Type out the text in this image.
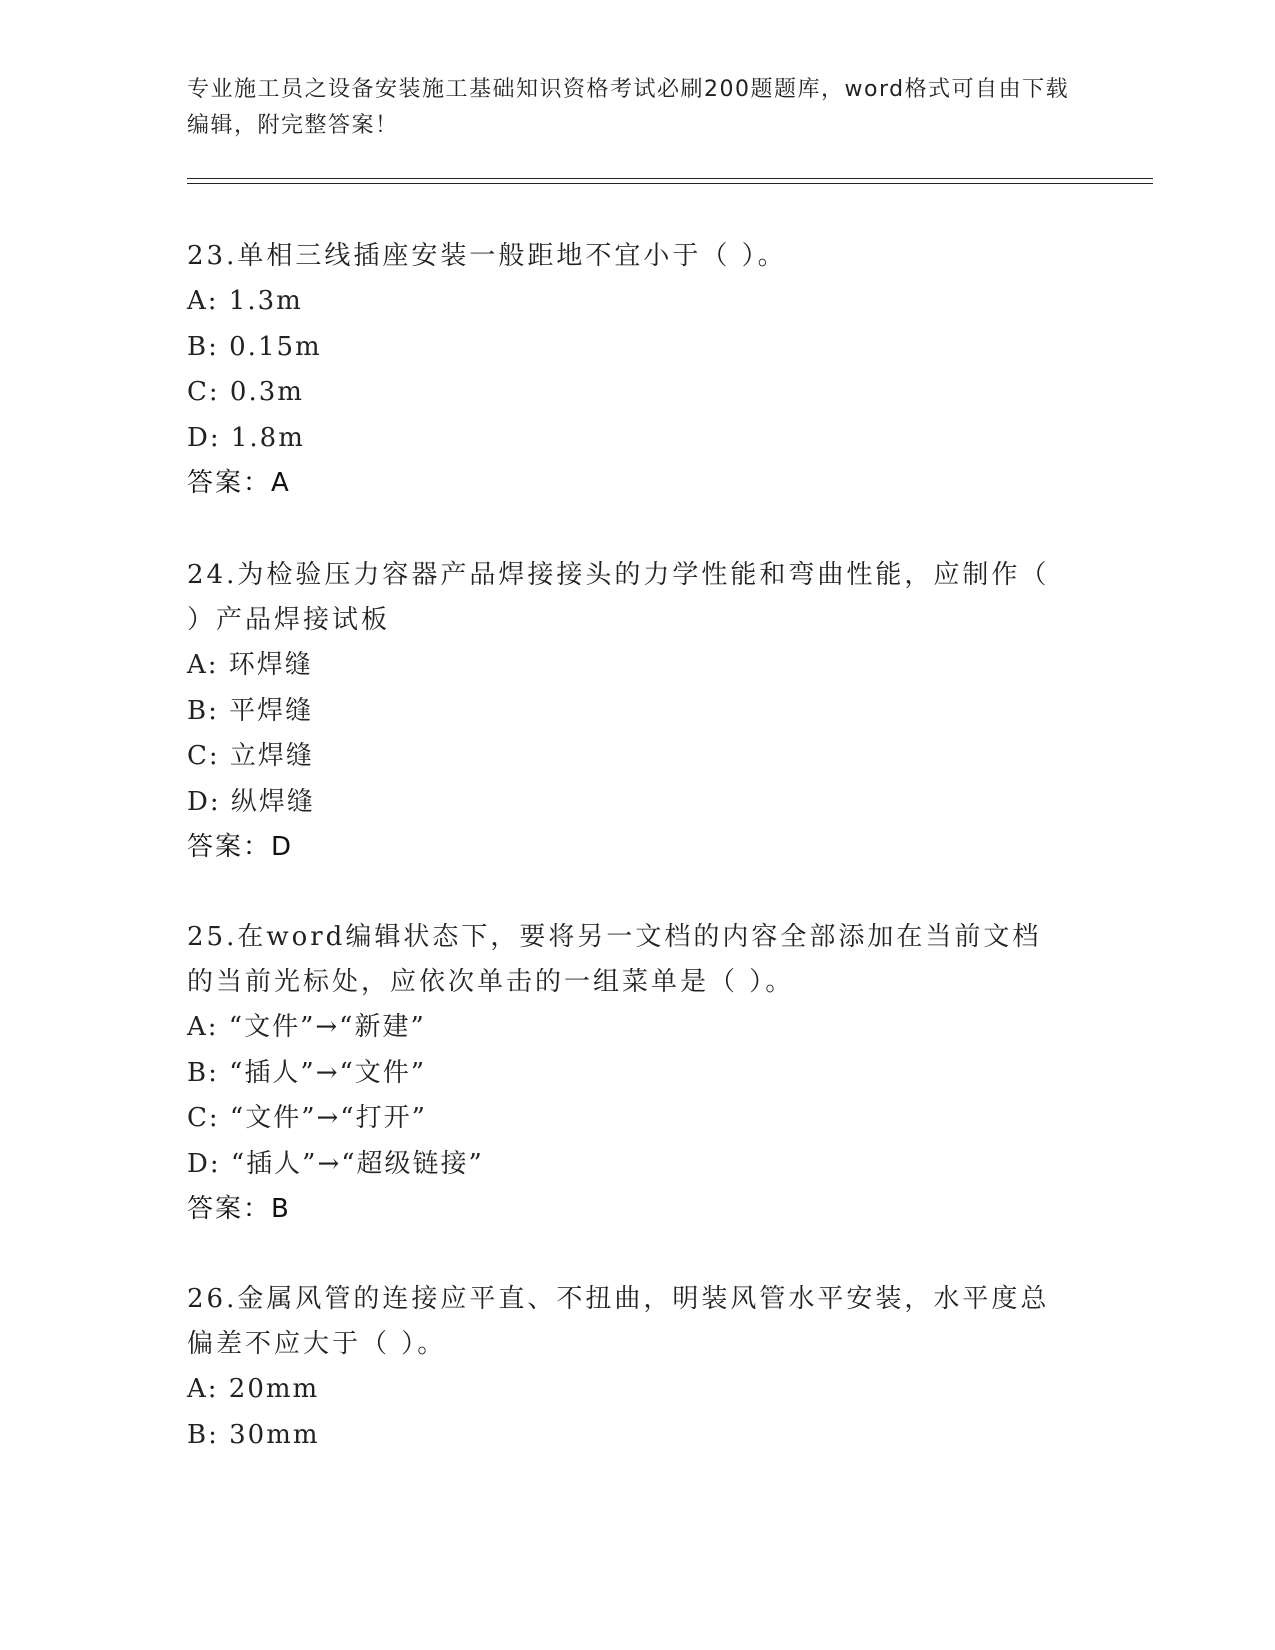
专业施工员之设备安装施工基础知识资格考试必刷200题题库，word格式可自由下载编辑，附完整答案！

23.单相三线插座安装一般距地不宜小于（ ）。

A: 1.3m

B: 0.15m

C: 0.3m

D: 1.8m

答案：A

24.为检验压力容器产品焊接接头的力学性能和弯曲性能，应制作（ ）产品焊接试板

A: 环焊缝

B: 平焊缝

C: 立焊缝

D: 纵焊缝

答案：D

25.在word编辑状态下，要将另一文档的内容全部添加在当前文档的当前光标处，应依次单击的一组菜单是（ ）。

A: “文件”→“新建”

B: “插人”→“文件”

C: “文件”→“打开”

D: “插人”→“超级链接”

答案：B

26.金属风管的连接应平直、不扭曲，明装风管水平安装，水平度总偏差不应大于（ ）。

A: 20mm

B: 30mm
